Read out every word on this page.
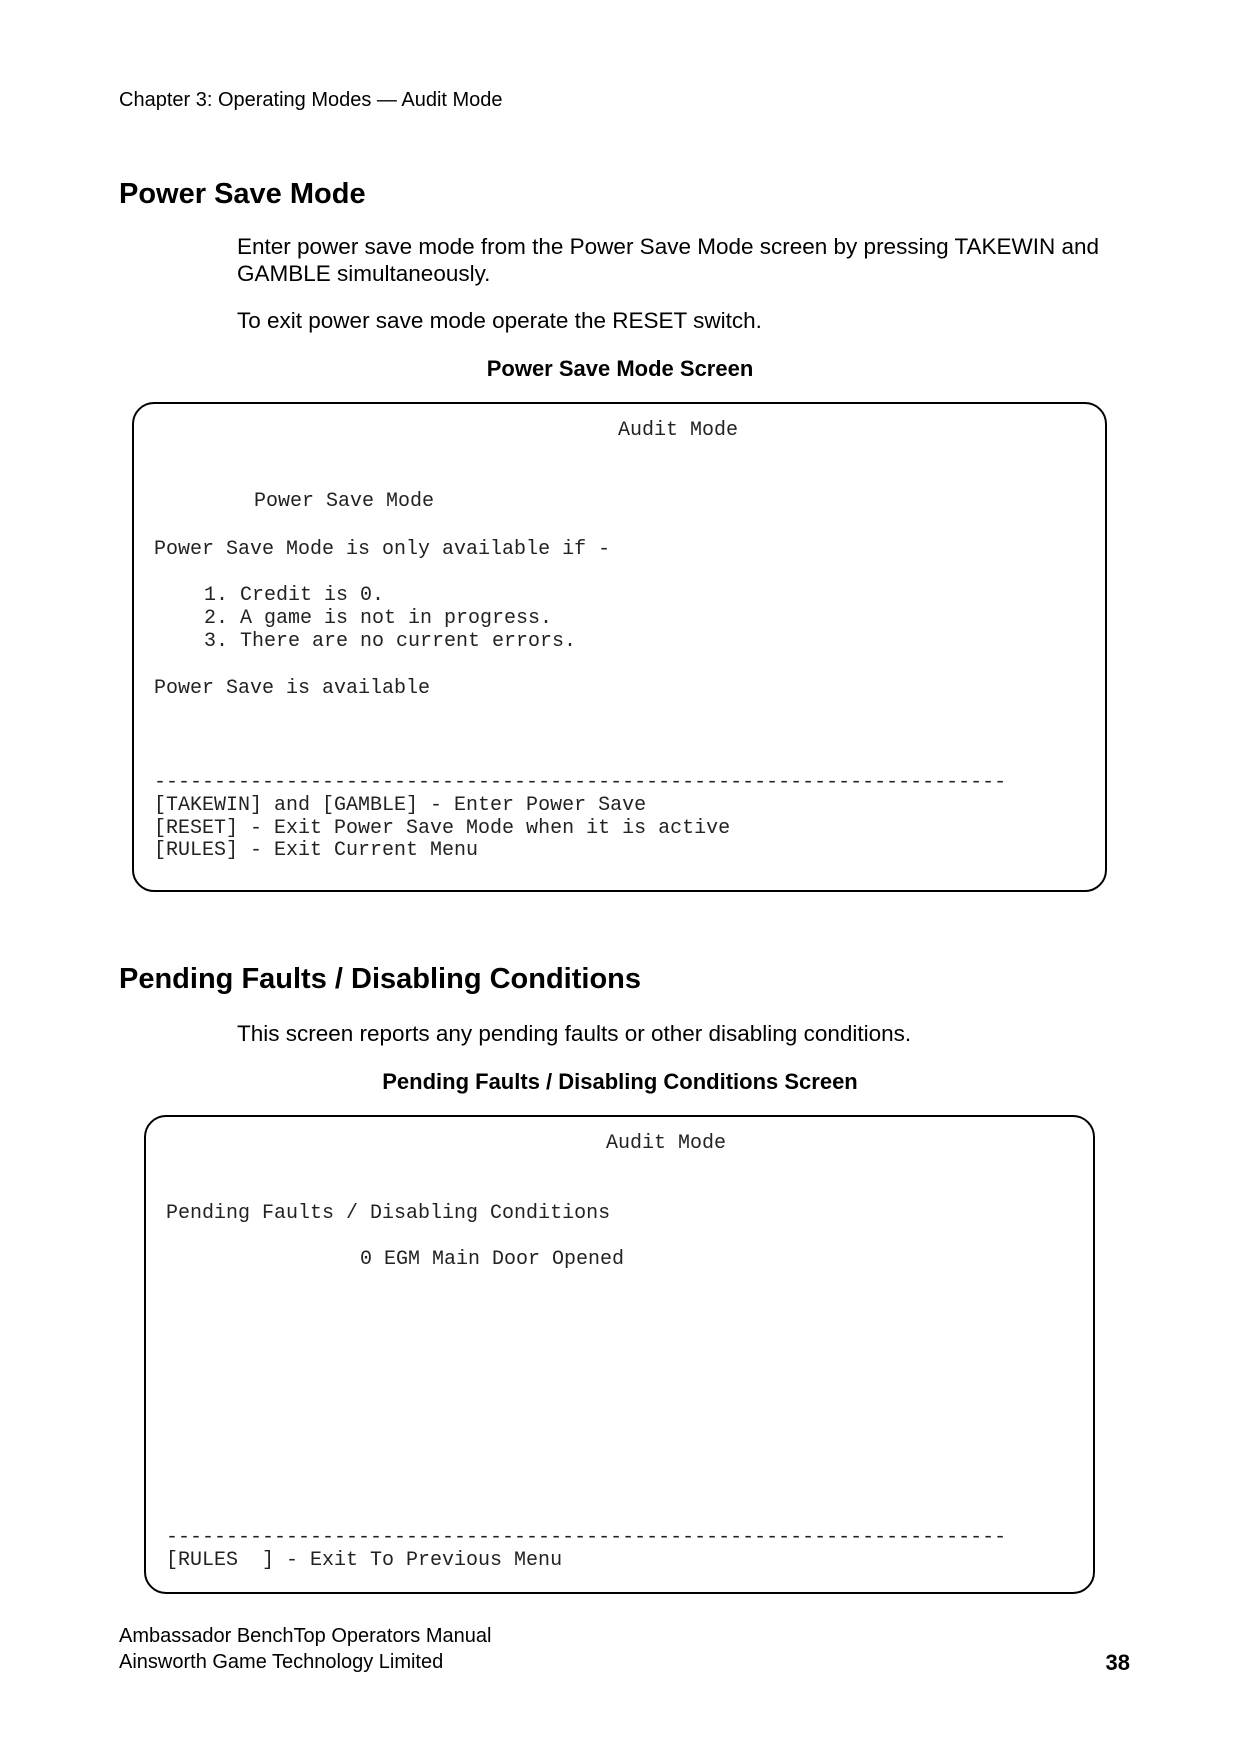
Chapter 3: Operating Modes — Audit Mode
Power Save Mode
Enter power save mode from the Power Save Mode screen by pressing TAKEWIN and
GAMBLE simultaneously.
To exit power save mode operate the RESET switch.
Power Save Mode Screen
Audit Mode
Power Save Mode
Power Save Mode is only available if -
1. Credit is 0.
2. A game is not in progress.
3. There are no current errors.
Power Save is available
-----------------------------------------------------------------------
[TAKEWIN] and [GAMBLE] - Enter Power Save
[RESET] - Exit Power Save Mode when it is active
[RULES] - Exit Current Menu
Pending Faults / Disabling Conditions
This screen reports any pending faults or other disabling conditions.
Pending Faults / Disabling Conditions Screen
Audit Mode
Pending Faults / Disabling Conditions
0 EGM Main Door Opened
----------------------------------------------------------------------
[RULES  ] - Exit To Previous Menu
Ambassador BenchTop Operators Manual
Ainsworth Game Technology Limited	38
